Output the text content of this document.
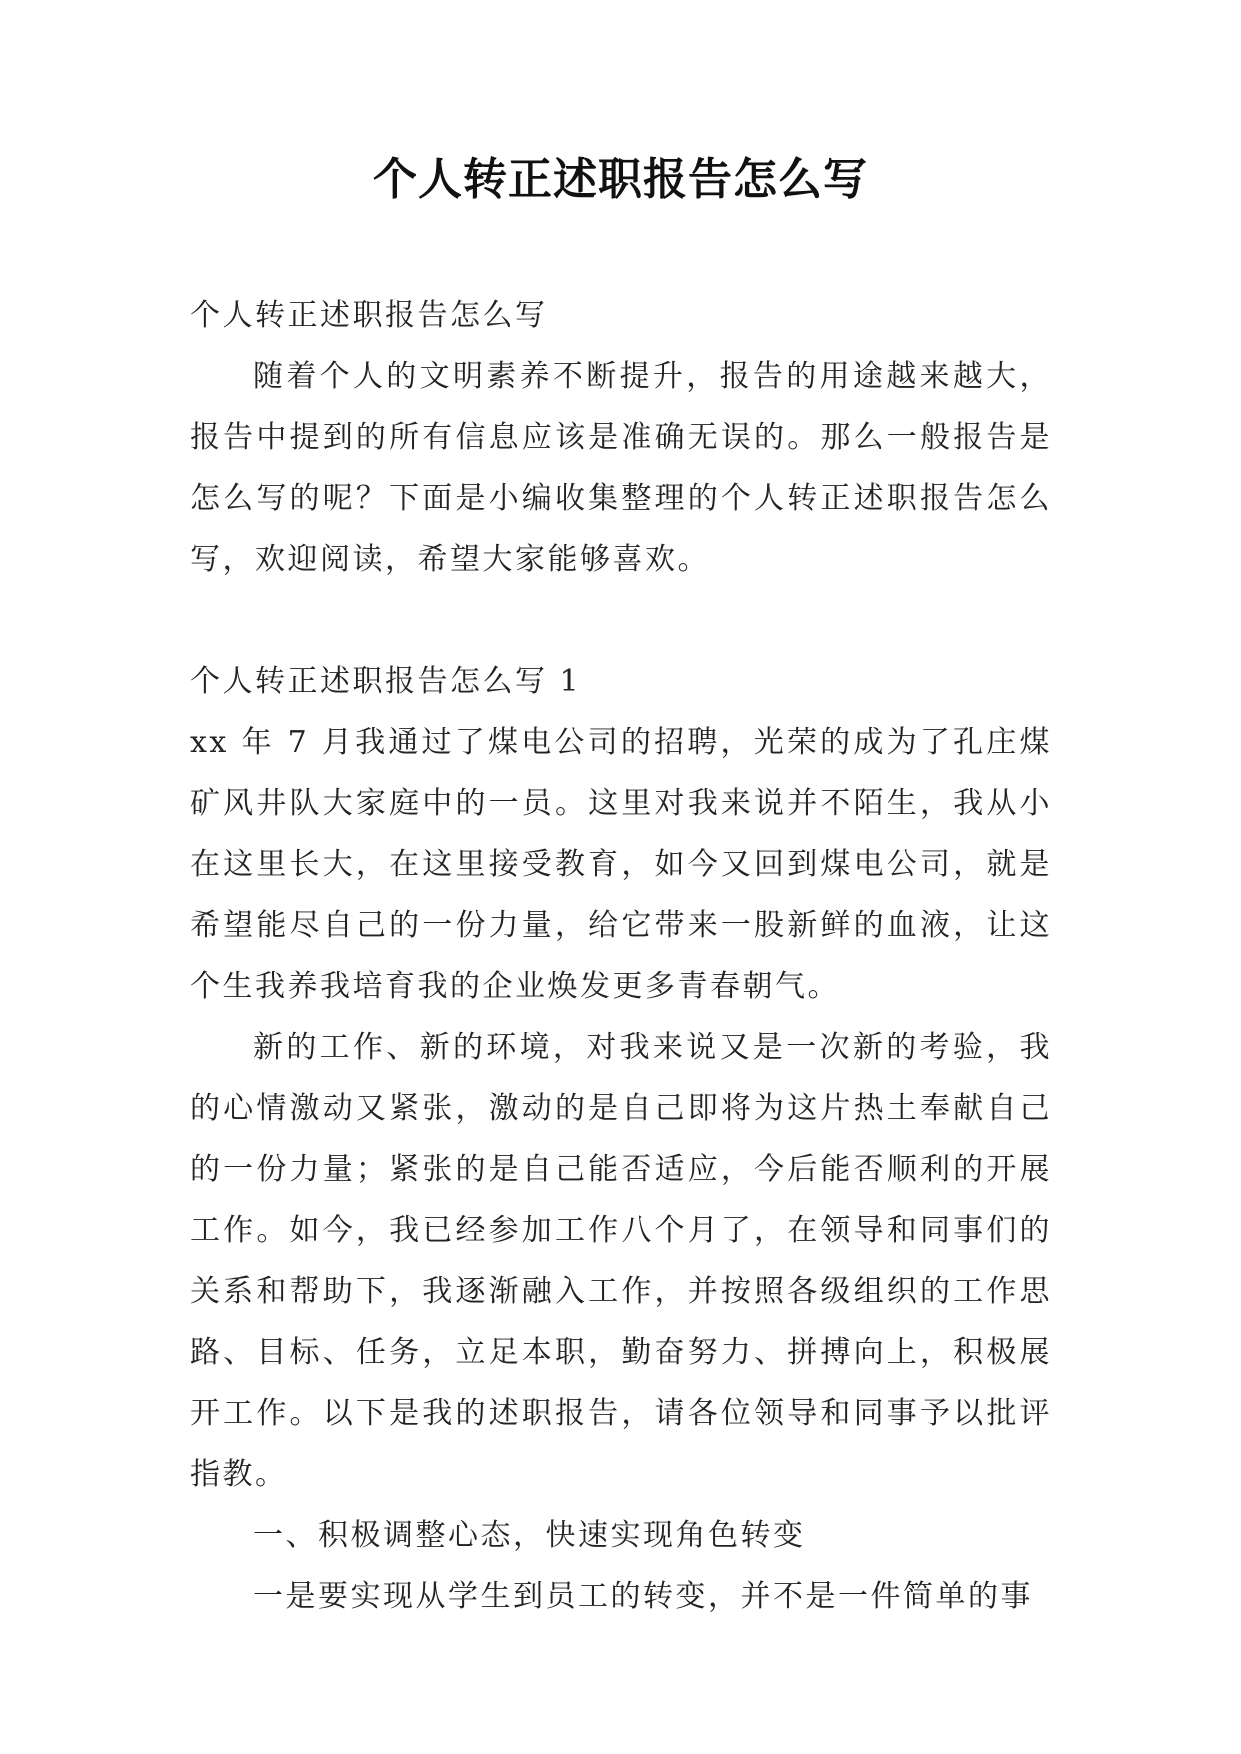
个人转正述职报告怎么写

个人转正述职报告怎么写

随着个人的文明素养不断提升，报告的用途越来越大，报告中提到的所有信息应该是准确无误的。那么一般报告是怎么写的呢？下面是小编收集整理的个人转正述职报告怎么写，欢迎阅读，希望大家能够喜欢。

个人转正述职报告怎么写 1

xx 年 7 月我通过了煤电公司的招聘，光荣的成为了孔庄煤矿风井队大家庭中的一员。这里对我来说并不陌生，我从小在这里长大，在这里接受教育，如今又回到煤电公司，就是希望能尽自己的一份力量，给它带来一股新鲜的血液，让这个生我养我培育我的企业焕发更多青春朝气。

新的工作、新的环境，对我来说又是一次新的考验，我的心情激动又紧张，激动的是自己即将为这片热土奉献自己的一份力量；紧张的是自己能否适应，今后能否顺利的开展工作。如今，我已经参加工作八个月了，在领导和同事们的关系和帮助下，我逐渐融入工作，并按照各级组织的工作思路、目标、任务，立足本职，勤奋努力、拼搏向上，积极展开工作。以下是我的述职报告，请各位领导和同事予以批评指教。

一、积极调整心态，快速实现角色转变

一是要实现从学生到员工的转变，并不是一件简单的事
